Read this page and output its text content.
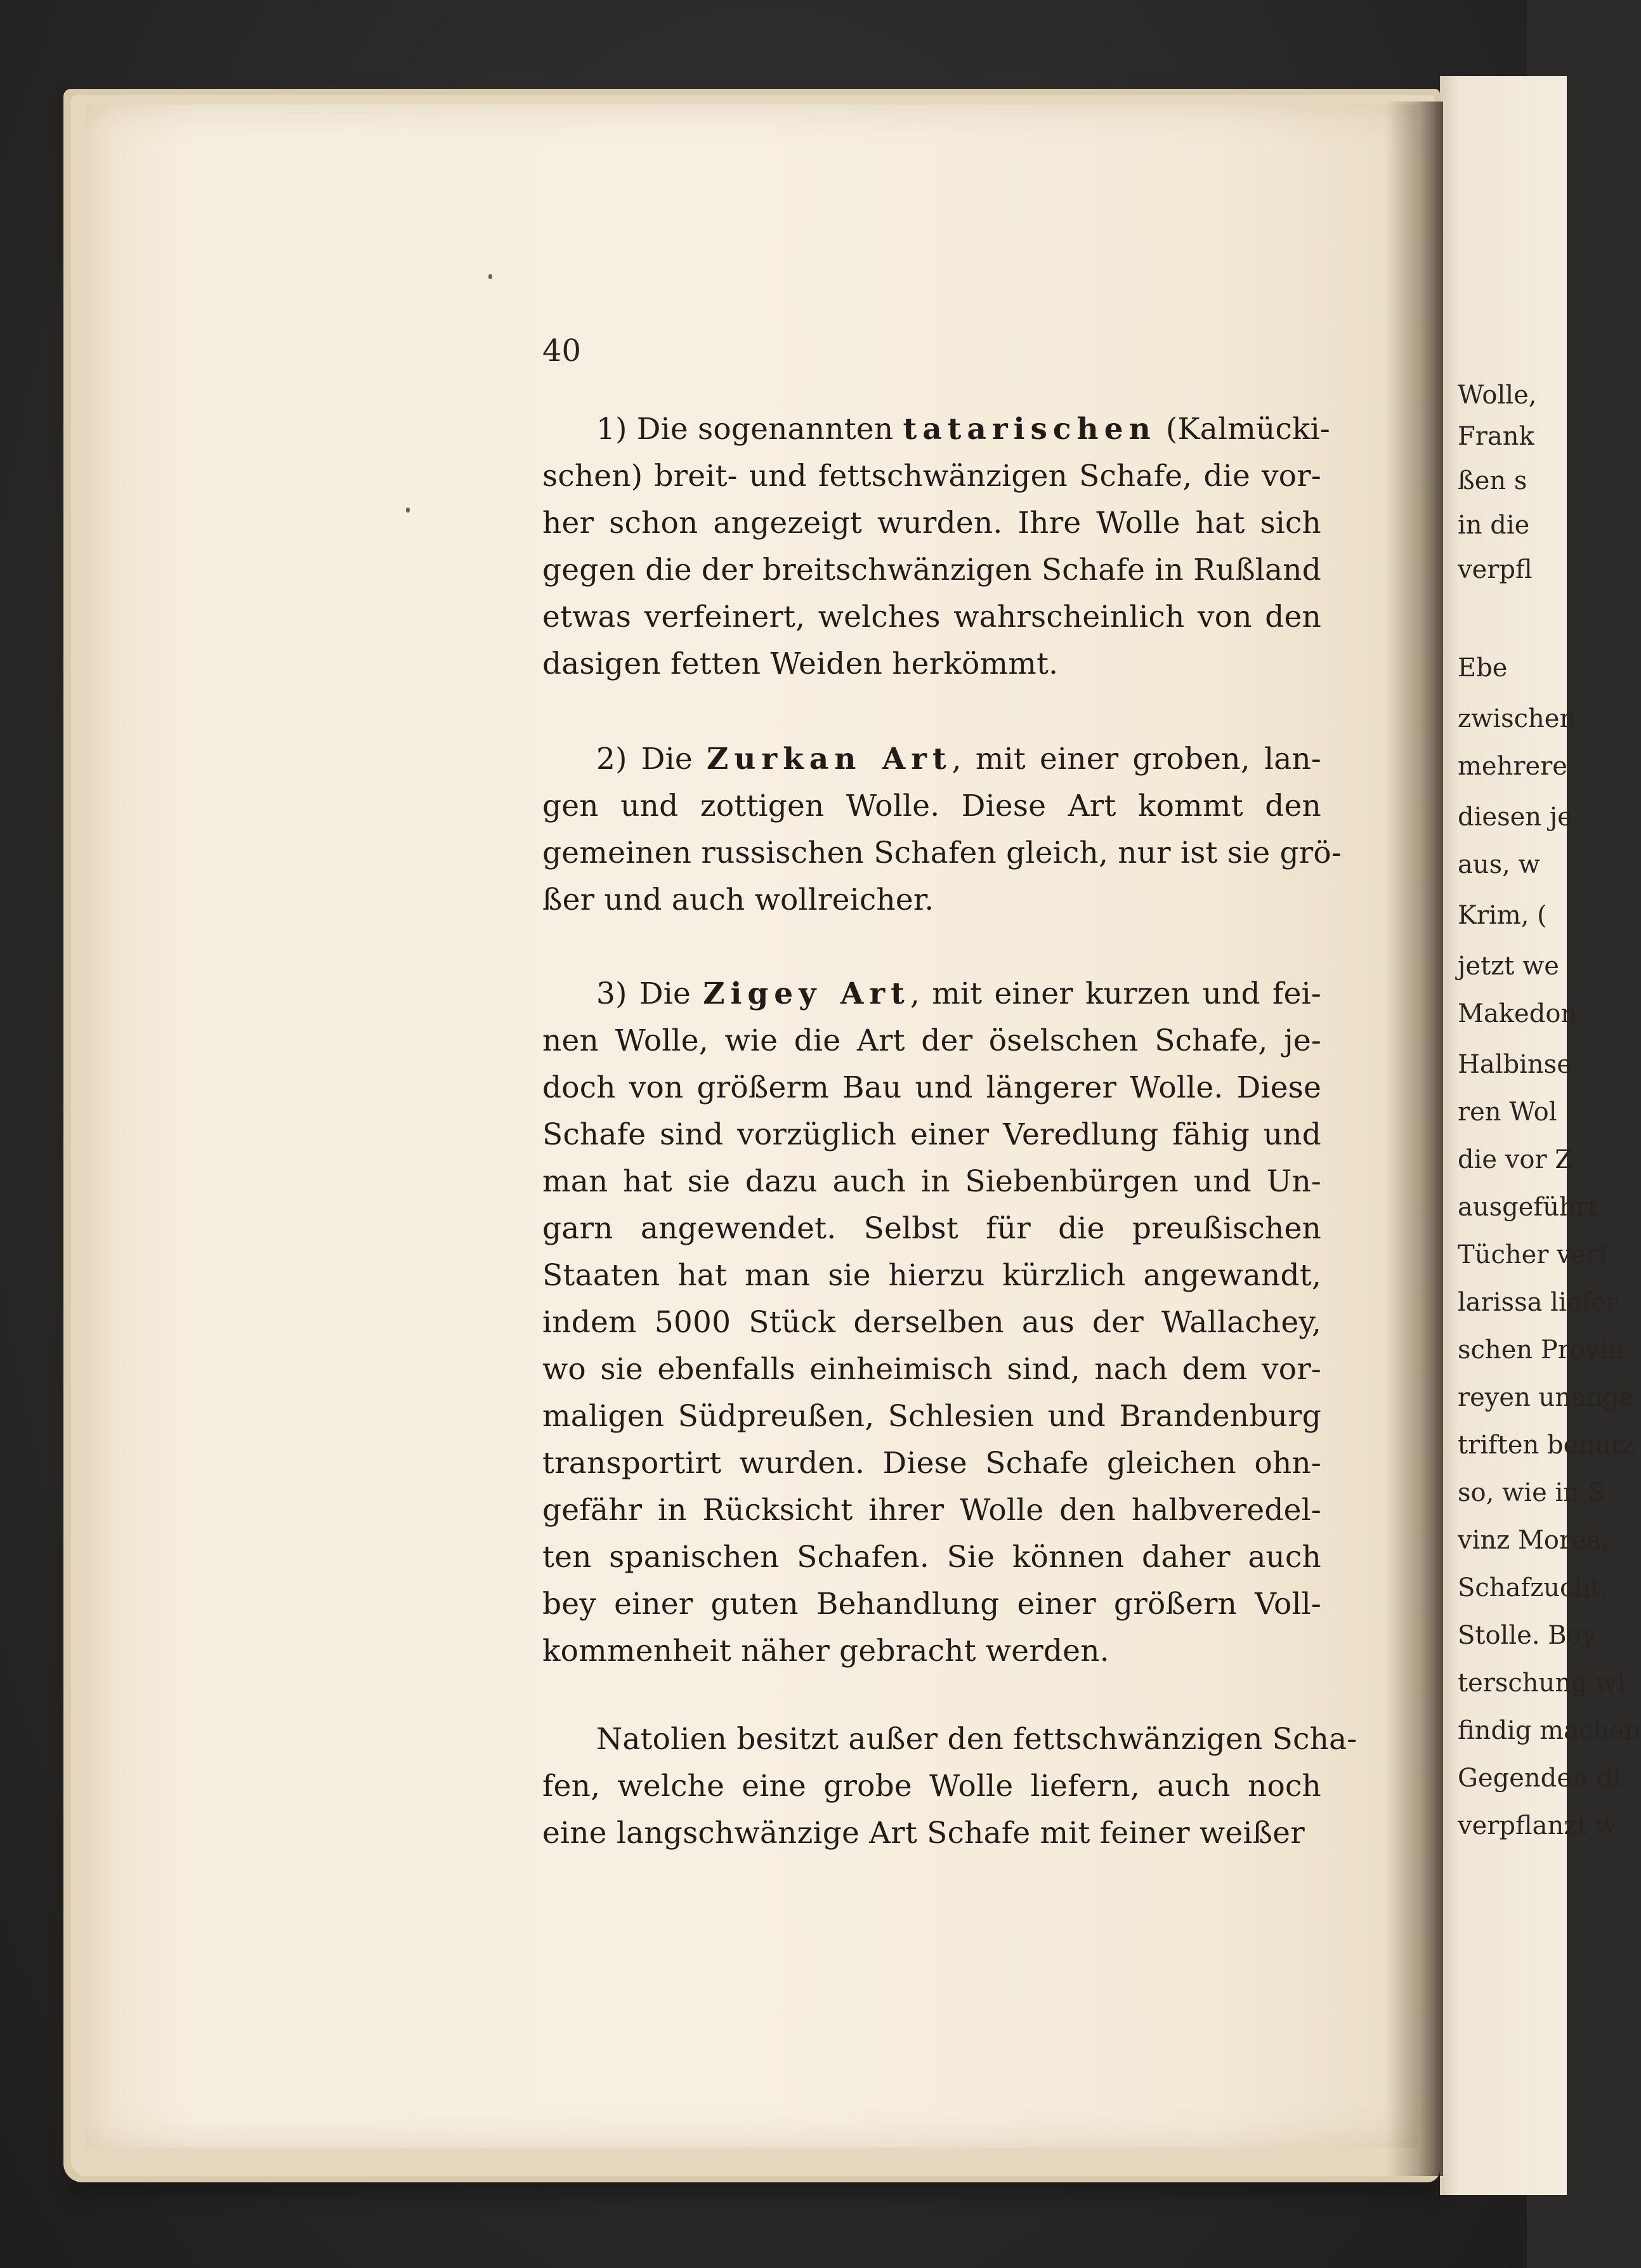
40
1) Die sogenannten tatarischen (Kalmücki-
schen) breit- und fettschwänzigen Schafe, die vor-
her schon angezeigt wurden. Ihre Wolle hat sich
gegen die der breitschwänzigen Schafe in Rußland
etwas verfeinert, welches wahrscheinlich von den
dasigen fetten Weiden herkömmt.
2) Die Zurkan Art, mit einer groben, lan-
gen und zottigen Wolle. Diese Art kommt den
gemeinen russischen Schafen gleich, nur ist sie grö-
ßer und auch wollreicher.
3) Die Zigey Art, mit einer kurzen und fei-
nen Wolle, wie die Art der öselschen Schafe, je-
doch von größerm Bau und längerer Wolle. Diese
Schafe sind vorzüglich einer Veredlung fähig und
man hat sie dazu auch in Siebenbürgen und Un-
garn angewendet. Selbst für die preußischen
Staaten hat man sie hierzu kürzlich angewandt,
indem 5000 Stück derselben aus der Wallachey,
wo sie ebenfalls einheimisch sind, nach dem vor-
maligen Südpreußen, Schlesien und Brandenburg
transportirt wurden. Diese Schafe gleichen ohn-
gefähr in Rücksicht ihrer Wolle den halbveredel-
ten spanischen Schafen. Sie können daher auch
bey einer guten Behandlung einer größern Voll-
kommenheit näher gebracht werden.
Natolien besitzt außer den fettschwänzigen Scha-
fen, welche eine grobe Wolle liefern, auch noch
eine langschwänzige Art Schafe mit feiner weißer
Wolle,
Frank
ßen s
in die
verpfl
Ebe
zwischen
mehrere
diesen je
aus, w
Krim, (
jetzt we
Makedon
Halbinse
ren Wol
die vor Z
ausgeführt
Tücher verf
larissa liefer
schen Provin
reyen unange
triften benutz
so, wie in S
vinz Morea,
Schafzucht.
Stolle. Bey
terschung wi
findig machen
Gegenden di
verpflanzt w
